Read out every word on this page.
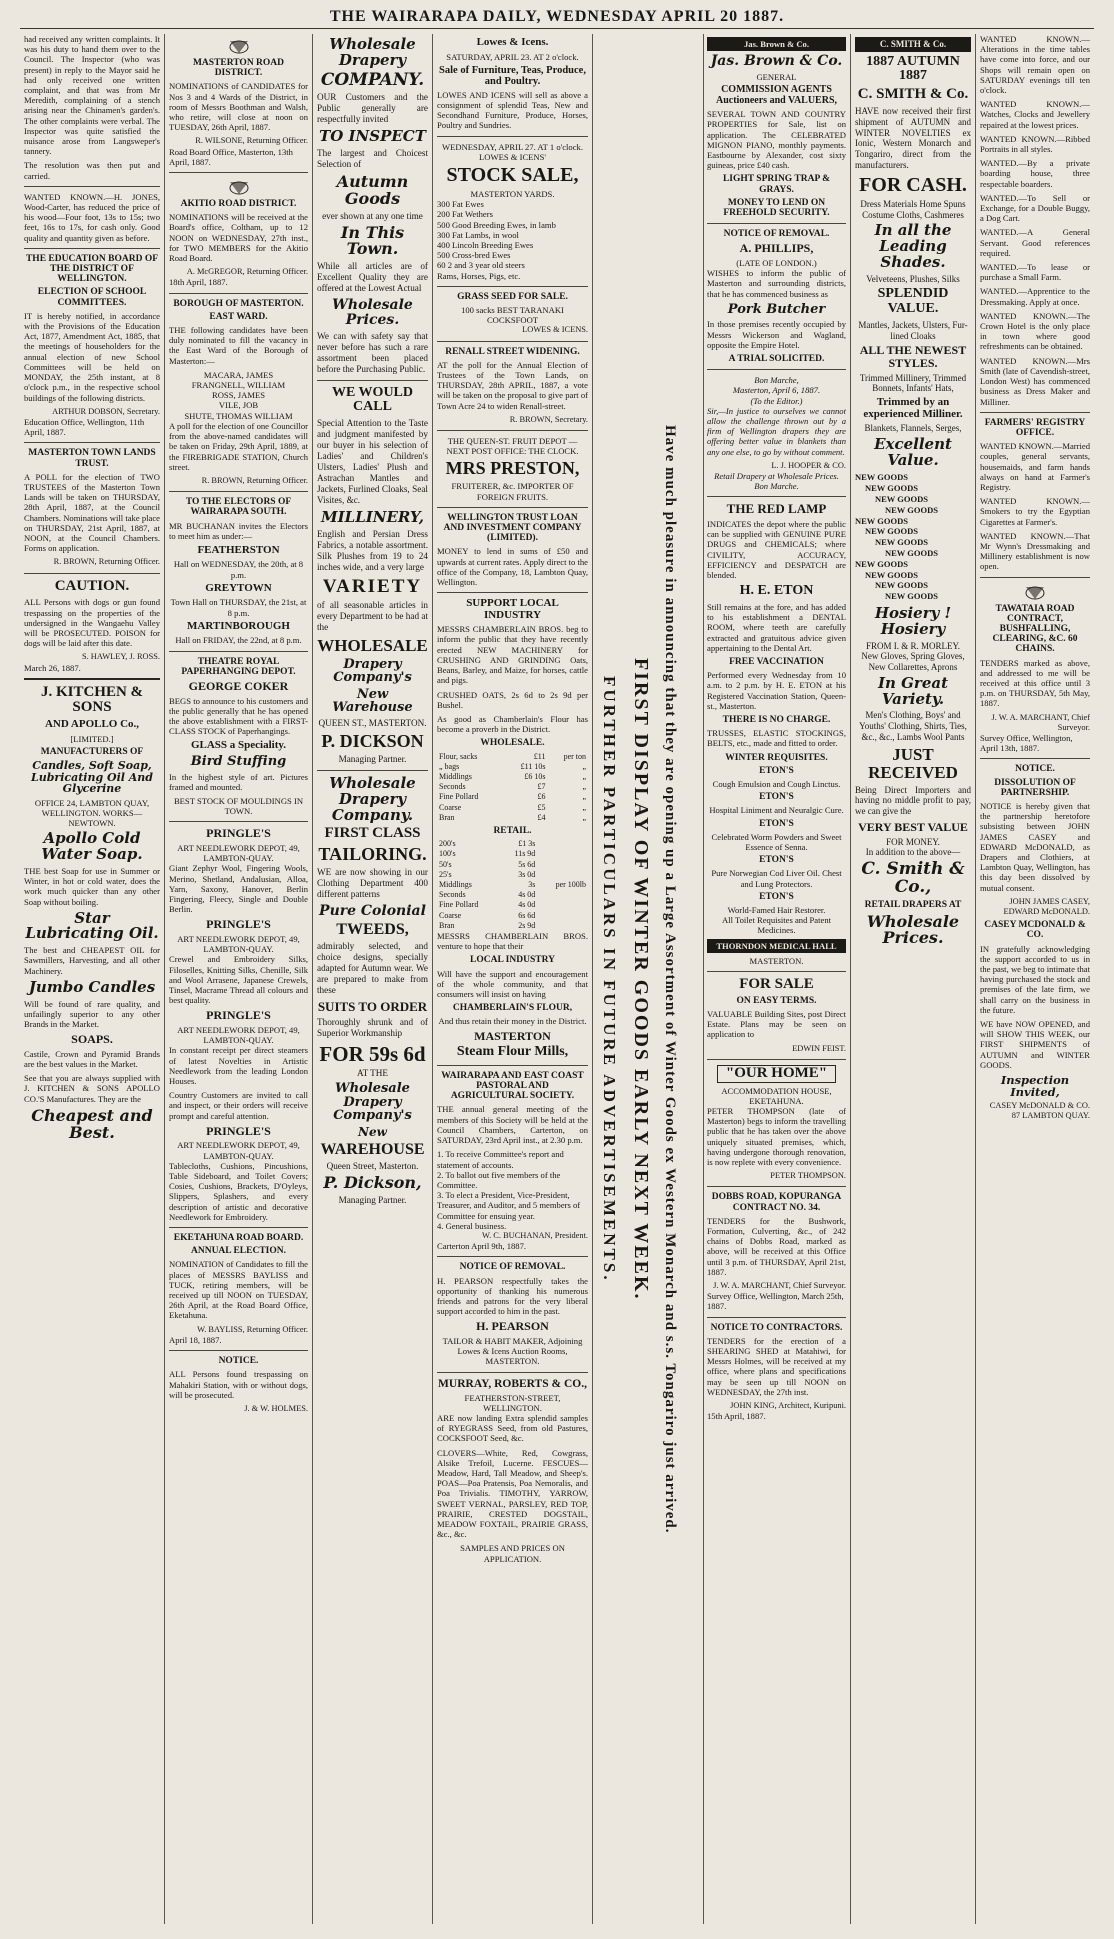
THE WAIRARAPA DAILY, WEDNESDAY APRIL 20 1887.

had received any written complaints. It was his duty to hand them over to the Council. The Inspector (who was present) in reply to the Mayor said he had only received one written complaint, and that was from Mr Meredith, complaining of a stench arising near the Chinamen's garden's. The other complaints were verbal. The Inspector was quite satisfied the nuisance arose from Langsweper's tannery.

The resolution was then put and carried.

WANTED KNOWN.—H. JONES, Wood-Carter, has reduced the price of his wood—Four foot, 13s to 15s; two feet, 16s to 17s, for cash only. Good quality and quantity given as before.

THE EDUCATION BOARD OF THE DISTRICT OF WELLINGTON.
ELECTION OF SCHOOL COMMITTEES.

IT is hereby notified, in accordance with the Provisions of the Education Act, 1877, Amendment Act, 1885, that the meetings of householders for the annual election of new School Committees will be held on MONDAY, the 25th instant, at 8 o'clock p.m., in the respective school buildings of the following districts.

ARTHUR DOBSON, Secretary.
Education Office, Wellington, 11th April, 1887.
MASTERTON TOWN LANDS TRUST.

A POLL for the election of TWO TRUSTEES of the Masterton Town Lands will be taken on THURSDAY, 28th April, 1887, at the Council Chambers. Nominations will take place on THURSDAY, 21st April, 1887, at NOON, at the Council Chambers. Forms on application.

R. BROWN, Returning Officer.
CAUTION.

ALL Persons with dogs or gun found trespassing on the properties of the undersigned in the Wangaehu Valley will be PROSECUTED. POISON for dogs will be laid after this date.

S. HAWLEY, J. ROSS.
March 26, 1887.
J. KITCHEN & SONS
AND APOLLO Co.,
[LIMITED.]
MANUFACTURERS OF
Candles, Soft Soap, Lubricating Oil And Glycerine
OFFICE 24, LAMBTON QUAY, WELLINGTON. WORKS—NEWTOWN.
Apollo Cold Water Soap.

THE best Soap for use in Summer or Winter, in hot or cold water, does the work much quicker than any other Soap without boiling.

Star Lubricating Oil.

The best and CHEAPEST OIL for Sawmillers, Harvesting, and all other Machinery.

Jumbo Candles

Will be found of rare quality, and unfailingly superior to any other Brands in the Market.

SOAPS.

Castile, Crown and Pyramid Brands are the best values in the Market.

See that you are always supplied with J. KITCHEN & SONS APOLLO CO.'S Manufactures. They are the

Cheapest and Best.
MASTERTON ROAD DISTRICT.

NOMINATIONS of CANDIDATES for Nos 3 and 4 Wards of the District, in room of Messrs Boothman and Walsh, who retire, will close at noon on TUESDAY, 26th April, 1887.

R. WILSONE, Returning Officer.
Road Board Office, Masterton, 13th April, 1887.
AKITIO ROAD DISTRICT.

NOMINATIONS will be received at the Board's office, Coltham, up to 12 NOON on WEDNESDAY, 27th inst., for TWO MEMBERS for the Akitio Road Board.

A. McGREGOR, Returning Officer.
18th April, 1887.
BOROUGH OF MASTERTON.
EAST WARD.

THE following candidates have been duly nominated to fill the vacancy in the East Ward of the Borough of Masterton:—

MACARA, JAMES
FRANGNELL, WILLIAM
ROSS, JAMES
VILE, JOB
SHUTE, THOMAS WILLIAM

A poll for the election of one Councillor from the above-named candidates will be taken on Friday, 29th April, 1889, at the FIREBRIGADE STATION, Church street.

R. BROWN, Returning Officer.
TO THE ELECTORS OF WAIRARAPA SOUTH.

MR BUCHANAN invites the Electors to meet him as under:—

FEATHERSTON
Hall on WEDNESDAY, the 20th, at 8 p.m.
GREYTOWN
Town Hall on THURSDAY, the 21st, at 8 p.m.
MARTINBOROUGH
Hall on FRIDAY, the 22nd, at 8 p.m.
THEATRE ROYAL PAPERHANGING DEPOT.
GEORGE COKER

BEGS to announce to his customers and the public generally that he has opened the above establishment with a FIRST-CLASS STOCK of Paperhangings.

GLASS a Speciality.
Bird Stuffing

In the highest style of art. Pictures framed and mounted.

BEST STOCK OF MOULDINGS IN TOWN.
PRINGLE'S
ART NEEDLEWORK DEPOT, 49, LAMBTON-QUAY.

Giant Zephyr Wool, Fingering Wools, Merino, Shetland, Andalusian, Alloa, Yarn, Saxony, Hanover, Berlin Fingering, Fleecy, Single and Double Berlin.

PRINGLE'S
ART NEEDLEWORK DEPOT, 49, LAMBTON-QUAY.

Crewel and Embroidery Silks, Filoselles, Knitting Silks, Chenille, Silk and Wool Arrasene, Japanese Crewels, Tinsel, Macrame Thread all colours and best quality.

PRINGLE'S
ART NEEDLEWORK DEPOT, 49, LAMBTON-QUAY.

In constant receipt per direct steamers of latest Novelties in Artistic Needlework from the leading London Houses.

Country Customers are invited to call and inspect, or their orders will receive prompt and careful attention.

PRINGLE'S
ART NEEDLEWORK DEPOT, 49, LAMBTON-QUAY.

Tablecloths, Cushions, Pincushions, Table Sideboard, and Toilet Covers; Cosies, Cushions, Brackets, D'Oyleys, Slippers, Splashers, and every description of artistic and decorative Needlework for Embroidery.

EKETAHUNA ROAD BOARD.
ANNUAL ELECTION.

NOMINATION of Candidates to fill the places of MESSRS BAYLISS and TUCK, retiring members, will be received up till NOON on TUESDAY, 26th April, at the Road Board Office, Eketahuna.

W. BAYLISS, Returning Officer.
April 18, 1887.
NOTICE.

ALL Persons found trespassing on Mahakiri Station, with or without dogs, will be prosecuted.

J. & W. HOLMES.
Wholesale Drapery
COMPANY.

OUR Customers and the Public generally are respectfully invited

TO INSPECT

The largest and Choicest Selection of

Autumn Goods
ever shown at any one time
In This Town.

While all articles are of Excellent Quality they are offered at the Lowest Actual

Wholesale Prices.

We can with safety say that never before has such a rare assortment been placed before the Purchasing Public.

WE WOULD CALL

Special Attention to the Taste and judgment manifested by our buyer in his selection of Ladies' and Children's Ulsters, Ladies' Plush and Astrachan Mantles and Jackets, Furlined Cloaks, Seal Visites, &c.

MILLINERY,

English and Persian Dress Fabrics, a notable assortment. Silk Plushes from 19 to 24 inches wide, and a very large

VARIETY

of all seasonable articles in every Department to be had at the

WHOLESALE
Drapery Company's
New Warehouse
QUEEN ST., MASTERTON.
P. DICKSON
Managing Partner.
Wholesale Drapery Company.
FIRST CLASS
TAILORING.

WE are now showing in our Clothing Department 400 different patterns

Pure Colonial
TWEEDS,

admirably selected, and choice designs, specially adapted for Autumn wear. We are prepared to make from these

SUITS TO ORDER

Thoroughly shrunk and of Superior Workmanship

FOR 59s 6d
AT THE
Wholesale Drapery Company's
New
WAREHOUSE
Queen Street, Masterton.
P. Dickson,
Managing Partner.
Lowes & Icens.
SATURDAY, APRIL 23. AT 2 o'clock.
Sale of Furniture, Teas, Produce, and Poultry.

LOWES AND ICENS will sell as above a consignment of splendid Teas, New and Secondhand Furniture, Produce, Horses, Poultry and Sundries.

WEDNESDAY, APRIL 27. AT 1 o'clock.
LOWES & ICENS'
STOCK SALE,
MASTERTON YARDS.
300 Fat Ewes
200 Fat Wethers
500 Good Breeding Ewes, in lamb
300 Fat Lambs, in wool
400 Lincoln Breeding Ewes
500 Cross-bred Ewes
60 2 and 3 year old steers
Rams, Horses, Pigs, etc.
GRASS SEED FOR SALE.
100 sacks BEST TARANAKI COCKSFOOT
LOWES & ICENS.
RENALL STREET WIDENING.

AT the poll for the Annual Election of Trustees of the Town Lands, on THURSDAY, 28th APRIL, 1887, a vote will be taken on the proposal to give part of Town Acre 24 to widen Renall-street.

R. BROWN, Secretary.
THE QUEEN-ST. FRUIT DEPOT —NEXT POST OFFICE: THE CLOCK.
MRS PRESTON,
FRUITERER, &c. IMPORTER OF FOREIGN FRUITS.
WELLINGTON TRUST LOAN AND INVESTMENT COMPANY (LIMITED).

MONEY to lend in sums of £50 and upwards at current rates. Apply direct to the office of the Company, 18, Lambton Quay, Wellington.

SUPPORT LOCAL INDUSTRY

MESSRS CHAMBERLAIN BROS. beg to inform the public that they have recently erected NEW MACHINERY for CRUSHING AND GRINDING Oats, Beans, Barley, and Maize, for horses, cattle and pigs.

CRUSHED OATS, 2s 6d to 2s 9d per Bushel.

As good as Chamberlain's Flour has become a proverb in the District.

WHOLESALE.
Flour, sacks	£11	per ton
„ bags	£11 10s	„
Middlings	£6 10s	„
Seconds	£7	„
Fine Pollard	£6	„
Coarse	£5	„
Bran	£4	„
RETAIL.
200's	£1 3s	
100's	11s 9d	
50's	5s 6d	
25's	3s 0d	
Middlings	3s	per 100lb
Seconds	4s 0d	
Fine Pollard	4s 0d	
Coarse	6s 6d	
Bran	2s 9d	

MESSRS CHAMBERLAIN BROS. venture to hope that their

LOCAL INDUSTRY

Will have the support and encouragement of the whole community, and that consumers will insist on having

CHAMBERLAIN'S FLOUR,
And thus retain their money in the District.
MASTERTON
Steam Flour Mills,
WAIRARAPA AND EAST COAST PASTORAL AND AGRICULTURAL SOCIETY.

THE annual general meeting of the members of this Society will be held at the Council Chambers, Carterton, on SATURDAY, 23rd April inst., at 2.30 p.m.

1. To receive Committee's report and statement of accounts.
2. To ballot out five members of the Committee.
3. To elect a President, Vice-President, Treasurer, and Auditor, and 5 members of Committee for ensuing year.
4. General business.
W. C. BUCHANAN, President.
Carterton April 9th, 1887.
NOTICE OF REMOVAL.

H. PEARSON respectfully takes the opportunity of thanking his numerous friends and patrons for the very liberal support accorded to him in the past.

H. PEARSON
TAILOR & HABIT MAKER, Adjoining Lowes & Icens Auction Rooms, MASTERTON.
MURRAY, ROBERTS & CO.,
FEATHERSTON-STREET, WELLINGTON.

ARE now landing Extra splendid samples of RYEGRASS Seed, from old Pastures, COCKSFOOT Seed, &c.

CLOVERS—White, Red, Cowgrass, Alsike Trefoil, Lucerne. FESCUES—Meadow, Hard, Tall Meadow, and Sheep's. POAS—Poa Pratensis, Poa Nemoralis, and Poa Trivialis. TIMOTHY, YARROW, SWEET VERNAL, PARSLEY, RED TOP, PRAIRIE, CRESTED DOGSTAIL, MEADOW FOXTAIL, PRAIRIE GRASS, &c., &c.

SAMPLES AND PRICES ON APPLICATION.
Have much pleasure in announcing that they are opening up a Large Assortment of Winter Goods ex Western Monarch and s.s. Tongariro just arrived.
FIRST DISPLAY OF WINTER GOODS EARLY NEXT WEEK.
FURTHER PARTICULARS IN FUTURE ADVERTISEMENTS.
Jas. Brown & Co.
Jas. Brown & Co.
GENERAL
COMMISSION AGENTS Auctioneers and VALUERS,

SEVERAL TOWN AND COUNTRY PROPERTIES for Sale, list on application. The CELEBRATED MIGNON PIANO, monthly payments. Eastbourne by Alexander, cost sixty guineas, price £40 cash.

LIGHT SPRING TRAP & GRAYS.
MONEY TO LEND ON FREEHOLD SECURITY.
NOTICE OF REMOVAL.
A. PHILLIPS,
(LATE OF LONDON.)

WISHES to inform the public of Masterton and surrounding districts, that he has commenced business as

Pork Butcher

In those premises recently occupied by Messrs Wickerson and Wagland, opposite the Empire Hotel.

A TRIAL SOLICITED.
Bon Marche,
Masterton, April 6, 1887.
(To the Editor.)

Sir,—In justice to ourselves we cannot allow the challenge thrown out by a firm of Wellington drapers they are offering better value in blankets than any one else, to go by without comment.

L. J. HOOPER & CO.
Retail Drapery at Wholesale Prices. Bon Marche.
THE RED LAMP

INDICATES the depot where the public can be supplied with GENUINE PURE DRUGS and CHEMICALS; where CIVILITY, ACCURACY, EFFICIENCY and DESPATCH are blended.

H. E. ETON

Still remains at the fore, and has added to his establishment a DENTAL ROOM, where teeth are carefully extracted and gratuitous advice given appertaining to the Dental Art.

FREE VACCINATION

Performed every Wednesday from 10 a.m. to 2 p.m. by H. E. ETON at his Registered Vaccination Station, Queen-st., Masterton.

THERE IS NO CHARGE.

TRUSSES, ELASTIC STOCKINGS, BELTS, etc., made and fitted to order.

WINTER REQUISITES.
ETON'S
Cough Emulsion and Cough Linctus.
ETON'S
Hospital Liniment and Neuralgic Cure.
ETON'S
Celebrated Worm Powders and Sweet Essence of Senna.
ETON'S
Pure Norwegian Cod Liver Oil. Chest and Lung Protectors.
ETON'S
World-Famed Hair Restorer.
All Toilet Requisites and Patent Medicines.
THORNDON MEDICAL HALL
MASTERTON.
FOR SALE
ON EASY TERMS.

VALUABLE Building Sites, post Direct Estate. Plans may be seen on application to

EDWIN FEIST.
"OUR HOME"
ACCOMMODATION HOUSE, EKETAHUNA.

PETER THOMPSON (late of Masterton) begs to inform the travelling public that he has taken over the above uniquely situated premises, which, having undergone thorough renovation, is now replete with every convenience.

PETER THOMPSON.
DOBBS ROAD, KOPURANGA CONTRACT NO. 34.

TENDERS for the Bushwork, Formation, Culverting, &c., of 242 chains of Dobbs Road, marked as above, will be received at this Office until 3 p.m. of THURSDAY, April 21st, 1887.

J. W. A. MARCHANT, Chief Surveyor.
Survey Office, Wellington, March 25th, 1887.
NOTICE TO CONTRACTORS.

TENDERS for the erection of a SHEARING SHED at Matahiwi, for Messrs Holmes, will be received at my office, where plans and specifications may be seen up till NOON on WEDNESDAY, the 27th inst.

JOHN KING, Architect, Kuripuni.
15th April, 1887.
C. SMITH & Co.
1887 AUTUMN 1887
C. SMITH & Co.

HAVE now received their first shipment of AUTUMN and WINTER NOVELTIES ex Ionic, Western Monarch and Tongariro, direct from the manufacturers.

FOR CASH.
Dress Materials Home Spuns Costume Cloths, Cashmeres
In all the Leading Shades.
Velveteens, Plushes, Silks
SPLENDID VALUE.
Mantles, Jackets, Ulsters, Fur-lined Cloaks
ALL THE NEWEST STYLES.
Trimmed Millinery, Trimmed Bonnets, Infants' Hats,
Trimmed by an experienced Milliner.
Blankets, Flannels, Serges,
Excellent Value.
NEW GOODS
NEW GOODS
NEW GOODS
NEW GOODS
NEW GOODS
NEW GOODS
NEW GOODS
NEW GOODS
NEW GOODS
NEW GOODS
NEW GOODS
NEW GOODS
Hosiery ! Hosiery
FROM I. & R. MORLEY.
New Gloves, Spring Gloves, New Collarettes, Aprons
In Great Variety.
Men's Clothing, Boys' and Youths' Clothing, Shirts, Ties, &c., &c., Lambs Wool Pants
JUST RECEIVED

Being Direct Importers and having no middle profit to pay, we can give the

VERY BEST VALUE
FOR MONEY.
In addition to the above—
C. Smith & Co.,
RETAIL DRAPERS AT
Wholesale Prices.

WANTED KNOWN.—Alterations in the time tables have come into force, and our Shops will remain open on SATURDAY evenings till ten o'clock.

WANTED KNOWN.—Watches, Clocks and Jewellery repaired at the lowest prices.

WANTED KNOWN.—Ribbed Portraits in all styles.

WANTED.—By a private boarding house, three respectable boarders.

WANTED.—To Sell or Exchange, for a Double Buggy, a Dog Cart.

WANTED.—A General Servant. Good references required.

WANTED.—To lease or purchase a Small Farm.

WANTED.—Apprentice to the Dressmaking. Apply at once.

WANTED KNOWN.—The Crown Hotel is the only place in town where good refreshments can be obtained.

WANTED KNOWN.—Mrs Smith (late of Cavendish-street, London West) has commenced business as Dress Maker and Milliner.

FARMERS' REGISTRY OFFICE.

WANTED KNOWN.—Married couples, general servants, housemaids, and farm hands always on hand at Farmer's Registry.

WANTED KNOWN.—Smokers to try the Egyptian Cigarettes at Farmer's.

WANTED KNOWN.—That Mr Wynn's Dressmaking and Millinery establishment is now open.

TAWATAIA ROAD CONTRACT, BUSHFALLING, CLEARING, &C. 60 CHAINS.

TENDERS marked as above, and addressed to me will be received at this office until 3 p.m. on THURSDAY, 5th May, 1887.

J. W. A. MARCHANT, Chief Surveyor.
Survey Office, Wellington, April 13th, 1887.
NOTICE.
DISSOLUTION OF PARTNERSHIP.

NOTICE is hereby given that the partnership heretofore subsisting between JOHN JAMES CASEY and EDWARD McDONALD, as Drapers and Clothiers, at Lambton Quay, Wellington, has this day been dissolved by mutual consent.

JOHN JAMES CASEY, EDWARD McDONALD.
CASEY MCDONALD & CO.

IN gratefully acknowledging the support accorded to us in the past, we beg to intimate that having purchased the stock and premises of the late firm, we shall carry on the business in the future.

WE have NOW OPENED, and will SHOW THIS WEEK, our FIRST SHIPMENTS of AUTUMN and WINTER GOODS.

Inspection Invited,
CASEY McDONALD & CO.
87 LAMBTON QUAY.
